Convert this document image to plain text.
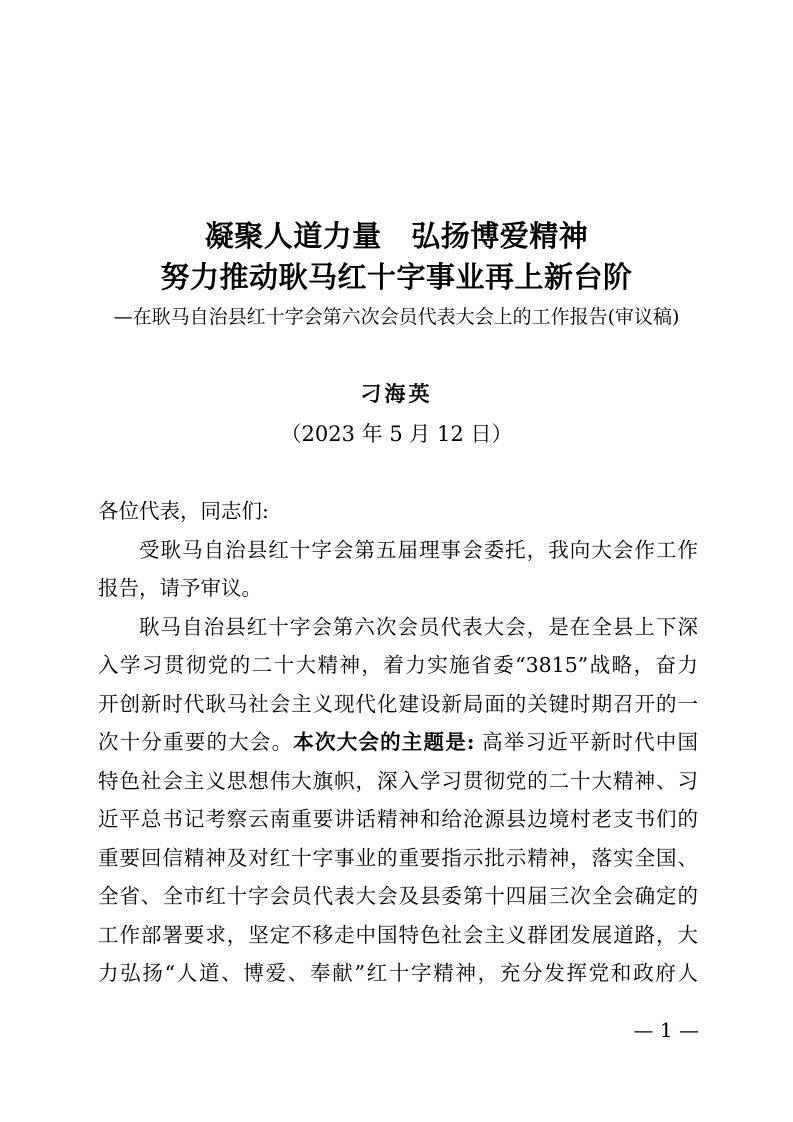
凝聚人道力量　弘扬博爱精神
努力推动耿马红十字事业再上新台阶
—在耿马自治县红十字会第六次会员代表大会上的工作报告(审议稿)
刁海英
（2023 年 5 月 12 日）
各位代表，同志们:
受耿马自治县红十字会第五届理事会委托，我向大会作工作
报告，请予审议。
耿马自治县红十字会第六次会员代表大会，是在全县上下深
入学习贯彻党的二十大精神，着力实施省委“3815”战略，奋力
开创新时代耿马社会主义现代化建设新局面的关键时期召开的一
次十分重要的大会。本次大会的主题是: 高举习近平新时代中国
特色社会主义思想伟大旗帜，深入学习贯彻党的二十大精神、习
近平总书记考察云南重要讲话精神和给沧源县边境村老支书们的
重要回信精神及对红十字事业的重要指示批示精神，落实全国、
全省、全市红十字会员代表大会及县委第十四届三次全会确定的
工作部署要求，坚定不移走中国特色社会主义群团发展道路，大
力弘扬“人道、博爱、奉献”红十字精神，充分发挥党和政府人
— 1 —
